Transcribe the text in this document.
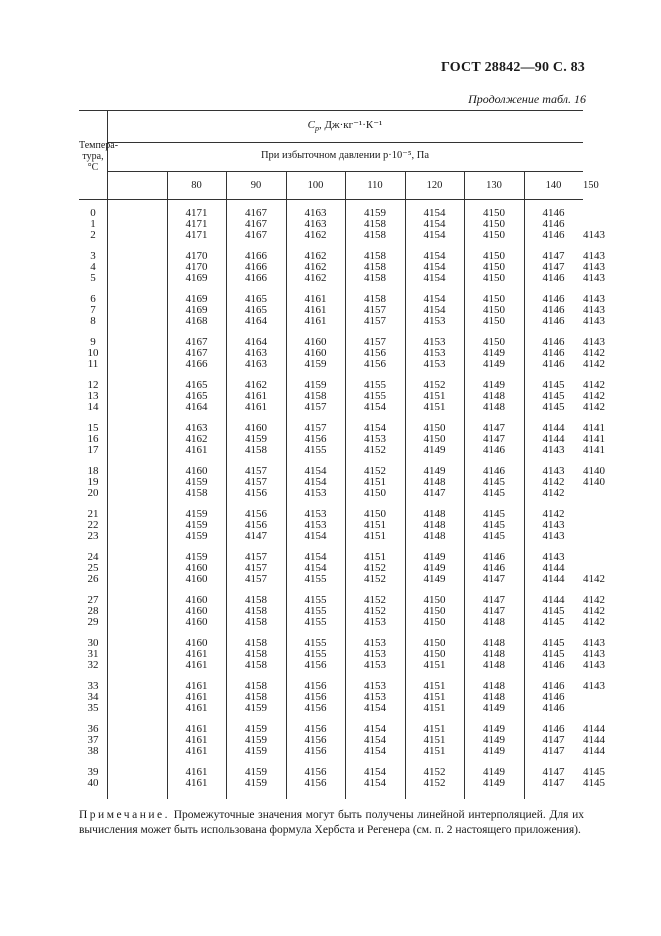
ГОСТ 28842—90 С. 83
Продолжение табл. 16
Темпера-
тура, °С
$C_p$, Дж·кг⁻¹·К⁻¹
При избыточном давлении p·10⁻⁵, Па
80	90	100	110	120	130	140	150
0	4171	4167	4163	4159	4154	4150	4146
1	4171	4167	4163	4158	4154	4150	4146
2	4171	4167	4162	4158	4154	4150	4146	4143
3	4170	4166	4162	4158	4154	4150	4147	4143
4	4170	4166	4162	4158	4154	4150	4147	4143
5	4169	4166	4162	4158	4154	4150	4146	4143
6	4169	4165	4161	4158	4154	4150	4146	4143
7	4169	4165	4161	4157	4154	4150	4146	4143
8	4168	4164	4161	4157	4153	4150	4146	4143
9	4167	4164	4160	4157	4153	4150	4146	4143
10	4167	4163	4160	4156	4153	4149	4146	4142
11	4166	4163	4159	4156	4153	4149	4146	4142
12	4165	4162	4159	4155	4152	4149	4145	4142
13	4165	4161	4158	4155	4151	4148	4145	4142
14	4164	4161	4157	4154	4151	4148	4145	4142
15	4163	4160	4157	4154	4150	4147	4144	4141
16	4162	4159	4156	4153	4150	4147	4144	4141
17	4161	4158	4155	4152	4149	4146	4143	4141
18	4160	4157	4154	4152	4149	4146	4143	4140
19	4159	4157	4154	4151	4148	4145	4142	4140
20	4158	4156	4153	4150	4147	4145	4142
21	4159	4156	4153	4150	4148	4145	4142
22	4159	4156	4153	4151	4148	4145	4143
23	4159	4147	4154	4151	4148	4145	4143
24	4159	4157	4154	4151	4149	4146	4143
25	4160	4157	4154	4152	4149	4146	4144
26	4160	4157	4155	4152	4149	4147	4144	4142
27	4160	4158	4155	4152	4150	4147	4144	4142
28	4160	4158	4155	4152	4150	4147	4145	4142
29	4160	4158	4155	4153	4150	4148	4145	4142
30	4160	4158	4155	4153	4150	4148	4145	4143
31	4161	4158	4155	4153	4150	4148	4145	4143
32	4161	4158	4156	4153	4151	4148	4146	4143
33	4161	4158	4156	4153	4151	4148	4146	4143
34	4161	4158	4156	4153	4151	4148	4146
35	4161	4159	4156	4154	4151	4149	4146
36	4161	4159	4156	4154	4151	4149	4146	4144
37	4161	4159	4156	4154	4151	4149	4147	4144
38	4161	4159	4156	4154	4151	4149	4147	4144
39	4161	4159	4156	4154	4152	4149	4147	4145
40	4161	4159	4156	4154	4152	4149	4147	4145
Примечание. Промежуточные значения могут быть получены линейной интерполяцией. Для их вычисления может быть использована формула Хербста и Регенера (см. п. 2 настоящего приложения).
